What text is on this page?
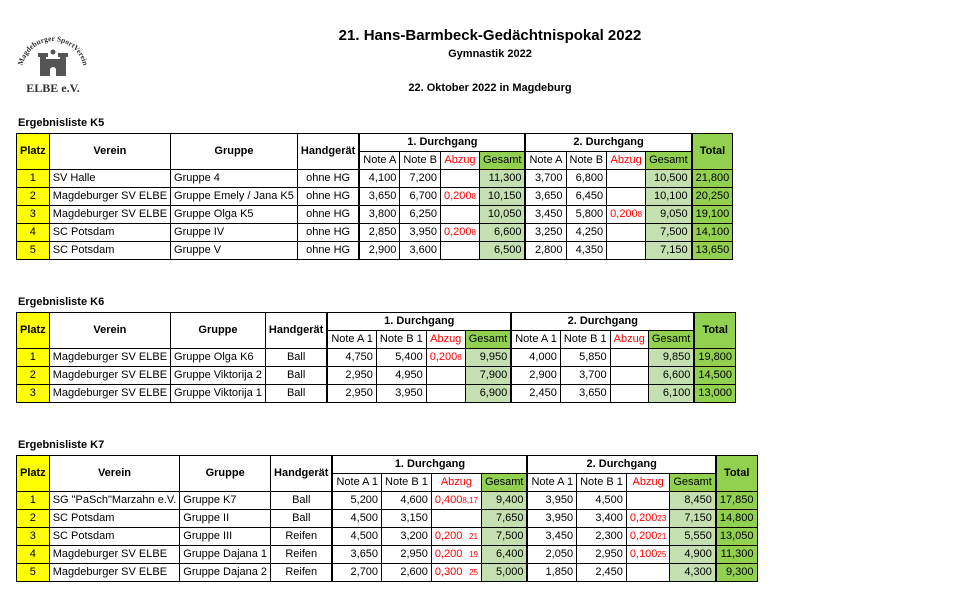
Magdeburger SportVerein
ELBE e.V.
21. Hans-Barmbeck-Gedächtnispokal 2022
Gymnastik 2022
22. Oktober 2022 in Magdeburg
Ergebnisliste K5
Platz	Verein	Gruppe	Handgerät	1. Durchgang				2. Durchgang				Total
				Note A	Note B	Abzug	Gesamt	Note A	Note B	Abzug	Gesamt	
1	SV Halle	Gruppe 4	ohne HG	4,100	7,200		11,300	3,700	6,800		10,500	21,800
2	Magdeburger SV ELBE	Gruppe Emely / Jana K5	ohne HG	3,650	6,700	0,200 8	10,150	3,650	6,450		10,100	20,250
3	Magdeburger SV ELBE	Gruppe Olga K5	ohne HG	3,800	6,250		10,050	3,450	5,800	0,200 8	9,050	19,100
4	SC Potsdam	Gruppe IV	ohne HG	2,850	3,950	0,200 8	6,600	3,250	4,250		7,500	14,100
5	SC Potsdam	Gruppe V	ohne HG	2,900	3,600		6,500	2,800	4,350		7,150	13,650
Ergebnisliste K6
Platz	Verein	Gruppe	Handgerät	1. Durchgang				2. Durchgang				Total
				Note A 1	Note B 1	Abzug	Gesamt	Note A 1	Note B 1	Abzug	Gesamt	
1	Magdeburger SV ELBE	Gruppe Olga K6	Ball	4,750	5,400	0,200 8	9,950	4,000	5,850		9,850	19,800
2	Magdeburger SV ELBE	Gruppe Viktorija 2	Ball	2,950	4,950		7,900	2,900	3,700		6,600	14,500
3	Magdeburger SV ELBE	Gruppe Viktorija 1	Ball	2,950	3,950		6,900	2,450	3,650		6,100	13,000
Ergebnisliste K7
Platz	Verein	Gruppe	Handgerät	1. Durchgang				2. Durchgang				Total
				Note A 1	Note B 1	Abzug	Gesamt	Note A 1	Note B 1	Abzug	Gesamt	
1	SG "PaSch"Marzahn e.V.	Gruppe K7	Ball	5,200	4,600	0,400 8,17	9,400	3,950	4,500		8,450	17,850
2	SC Potsdam	Gruppe II	Ball	4,500	3,150		7,650	3,950	3,400	0,200 23	7,150	14,800
3	SC Potsdam	Gruppe III	Reifen	4,500	3,200	0,200 21	7,500	3,450	2,300	0,200 21	5,550	13,050
4	Magdeburger SV ELBE	Gruppe Dajana 1	Reifen	3,650	2,950	0,200 19	6,400	2,050	2,950	0,100 25	4,900	11,300
5	Magdeburger SV ELBE	Gruppe Dajana 2	Reifen	2,700	2,600	0,300 25	5,000	1,850	2,450		4,300	9,300
